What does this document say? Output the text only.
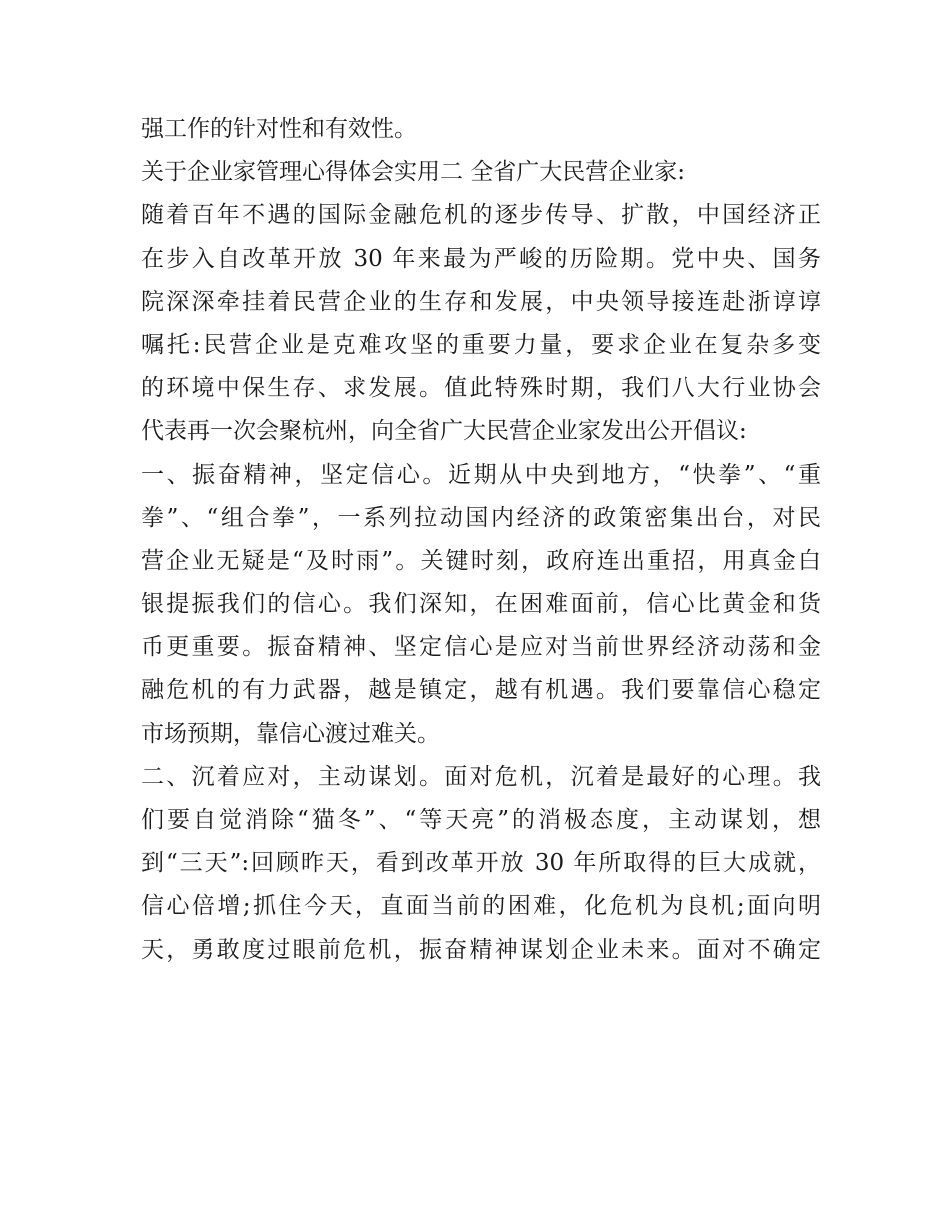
强工作的针对性和有效性。
关于企业家管理心得体会实用二 全省广大民营企业家:
随着百年不遇的国际金融危机的逐步传导、扩散，中国经济正
在步入自改革开放 30 年来最为严峻的历险期。党中央、国务
院深深牵挂着民营企业的生存和发展，中央领导接连赴浙谆谆
嘱托:民营企业是克难攻坚的重要力量，要求企业在复杂多变
的环境中保生存、求发展。值此特殊时期，我们八大行业协会
代表再一次会聚杭州，向全省广大民营企业家发出公开倡议:
一、振奋精神，坚定信心。近期从中央到地方，“快拳”、“重
拳”、“组合拳”，一系列拉动国内经济的政策密集出台，对民
营企业无疑是“及时雨”。关键时刻，政府连出重招，用真金白
银提振我们的信心。我们深知，在困难面前，信心比黄金和货
币更重要。振奋精神、坚定信心是应对当前世界经济动荡和金
融危机的有力武器，越是镇定，越有机遇。我们要靠信心稳定
市场预期，靠信心渡过难关。
二、沉着应对，主动谋划。面对危机，沉着是最好的心理。我
们要自觉消除“猫冬”、“等天亮”的消极态度，主动谋划，想
到“三天”:回顾昨天，看到改革开放 30 年所取得的巨大成就，
信心倍增;抓住今天，直面当前的困难，化危机为良机;面向明
天，勇敢度过眼前危机，振奋精神谋划企业未来。面对不确定
